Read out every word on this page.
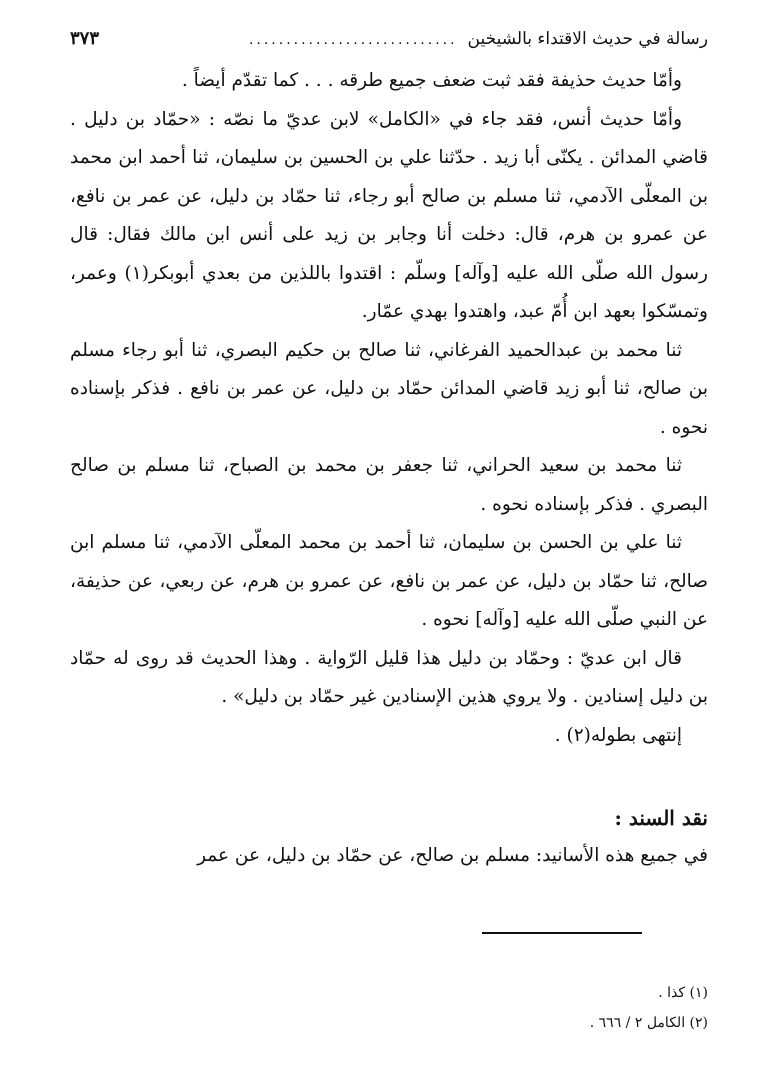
رسالة في حديث الاقتداء بالشيخين
............................
٣٧٣

وأمّا حديث حذيفة فقد ثبت ضعف جميع طرقه . . . كما تقدّم أيضاً .

وأمّا حديث أنس، فقد جاء في «الكامل» لابن عديّ ما نصّه : «حمّاد بن دليل . قاضي المدائن . يكنّى أبا زيد . حدّثنا علي بن الحسين بن سليمان، ثنا أحمد ابن محمد بن المعلّى الآدمي، ثنا مسلم بن صالح أبو رجاء، ثنا حمّاد بن دليل، عن عمر بن نافع، عن عمرو بن هرم، قال: دخلت أنا وجابر بن زيد على أنس ابن مالك فقال: قال رسول الله صلّى الله عليه [وآله] وسلّم : اقتدوا باللذين من بعدي أبوبكر(١) وعمر، وتمسّكوا بعهد ابن أُمّ عبد، واهتدوا بهدي عمّار.

ثنا محمد بن عبدالحميد الفرغاني، ثنا صالح بن حكيم البصري، ثنا أبو رجاء مسلم بن صالح، ثنا أبو زيد قاضي المدائن حمّاد بن دليل، عن عمر بن نافع . فذكر بإسناده نحوه .

ثنا محمد بن سعيد الحراني، ثنا جعفر بن محمد بن الصباح، ثنا مسلم بن صالح البصري . فذكر بإسناده نحوه .

ثنا علي بن الحسن بن سليمان، ثنا أحمد بن محمد المعلّى الآدمي، ثنا مسلم ابن صالح، ثنا حمّاد بن دليل، عن عمر بن نافع، عن عمرو بن هرم، عن ربعي، عن حذيفة، عن النبي صلّى الله عليه [وآله] نحوه .

قال ابن عديّ : وحمّاد بن دليل هذا قليل الرّواية . وهذا الحديث قد روى له حمّاد بن دليل إسنادين . ولا يروي هذين الإسنادين غير حمّاد بن دليل» .

إنتهى بطوله(٢) .

نقد السند :

في جميع هذه الأسانيد: مسلم بن صالح، عن حمّاد بن دليل، عن عمر

(١) كذا .
(٢) الكامل ٢ / ٦٦٦ .
